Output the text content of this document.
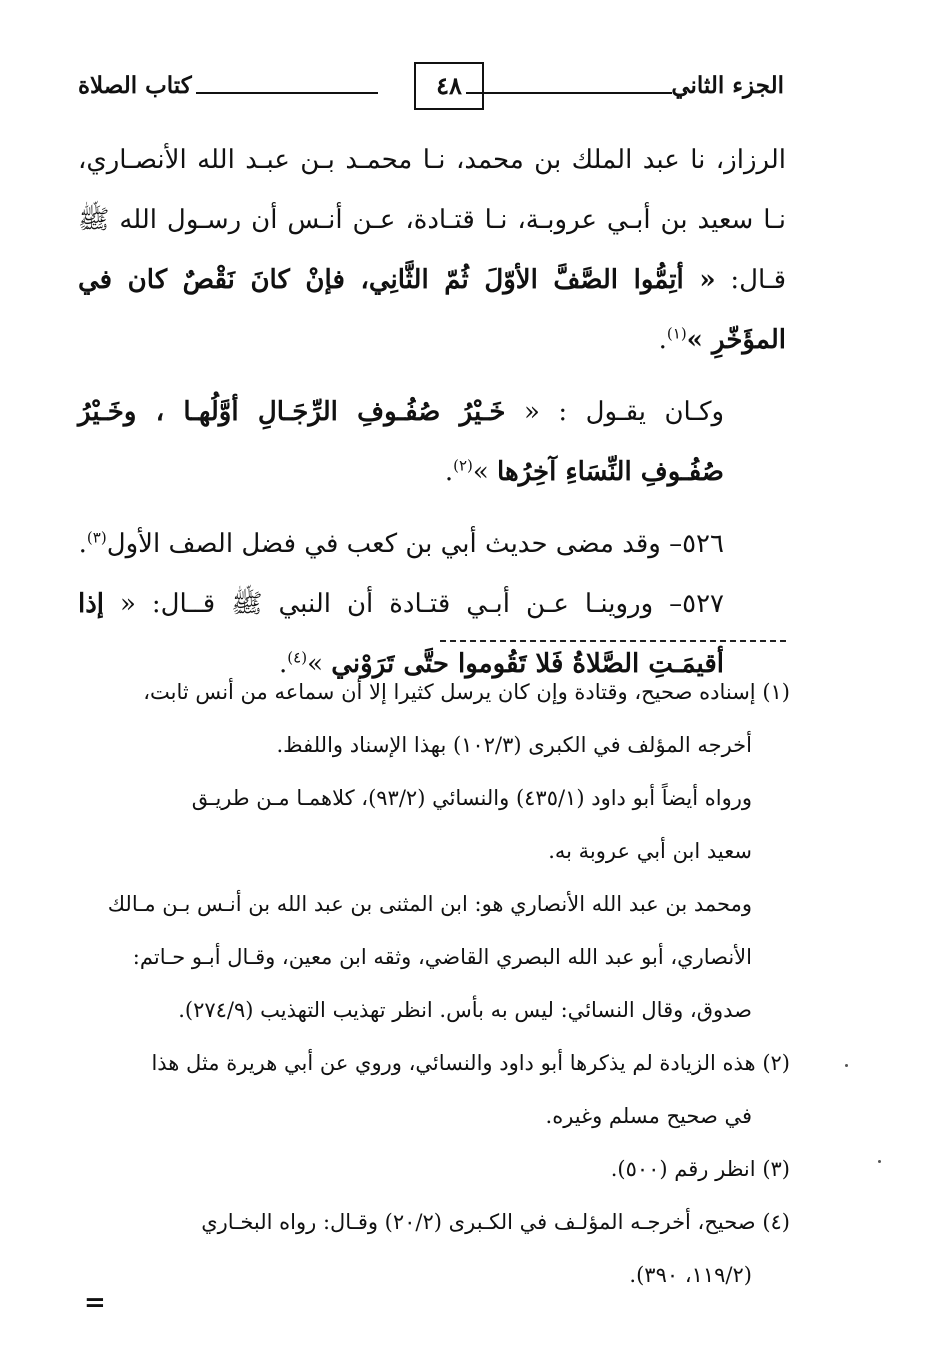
الجزء الثاني
٤٨
كتاب الصلاة

الرزاز، نا عبد الملك بن محمد، نـا محمـد بـن عبـد الله الأنصـاري، نـا سعيد بن أبـي عروبـة، نـا قتـادة، عـن أنـس أن رسـول الله ﷺ قـال: « أتِمُّوا الصَّفَّ الأوّلَ ثُمّ الثَّانِي، فإنْ كانَ نَقْصٌ كان في المؤَخّرِ »$^{(١)}$.

وكـان يقـول : « خَـيْرُ صُفُـوفِ الرِّجَـالِ أوَّلُهـا ، وخَـيْرُ صُفُـوفِ النِّسَاءِ آخِرُها »$^{(٢)}$.

٥٢٦– وقد مضى حديث أبي بن كعب في فضل الصف الأول$^{(٣)}$.

٥٢٧– وروينـا عـن أبـي قتـادة أن النبي ﷺ قــال: « إذا أقيمَـتِ الصَّلاةُ فَلا تَقُوموا حتَّى تَرَوْني »$^{(٤)}$.

(١) إسناده صحيح، وقتادة وإن كان يرسل كثيرا إلا أن سماعه من أنس ثابت،
أخرجه المؤلف في الكبرى (١٠٢/٣) بهذا الإسناد واللفظ.
ورواه أيضاً أبو داود (٤٣٥/١) والنسائي (٩٣/٢)، كلاهمـا مـن طريـق
سعيد ابن أبي عروبة به.
ومحمد بن عبد الله الأنصاري هو: ابن المثنى بن عبد الله بن أنـس بـن مـالك
الأنصاري، أبو عبد الله البصري القاضي، وثقه ابن معين، وقـال أبـو حـاتم:
صدوق، وقال النسائي: ليس به بأس. انظر تهذيب التهذيب (٢٧٤/٩).
(٢) هذه الزيادة لم يذكرها أبو داود والنسائي، وروي عن أبي هريرة مثل هذا
في صحيح مسلم وغيره.
(٣) انظر رقم (٥٠٠).
(٤) صحيح، أخرجـه المؤلـف في الكـبرى (٢٠/٢) وقـال: رواه البخـاري
(١١٩/٢، ٣٩٠).
=
